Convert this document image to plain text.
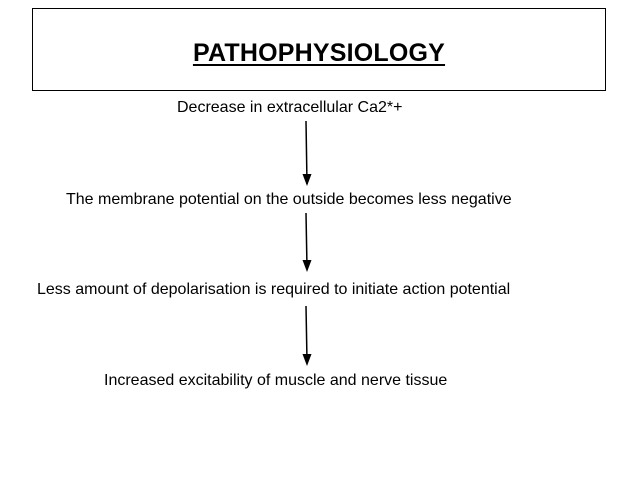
PATHOPHYSIOLOGY
Decrease in extracellular Ca2*+
The membrane potential on the outside becomes less negative
Less amount of depolarisation is required to initiate action potential
Increased excitability of muscle and nerve tissue
